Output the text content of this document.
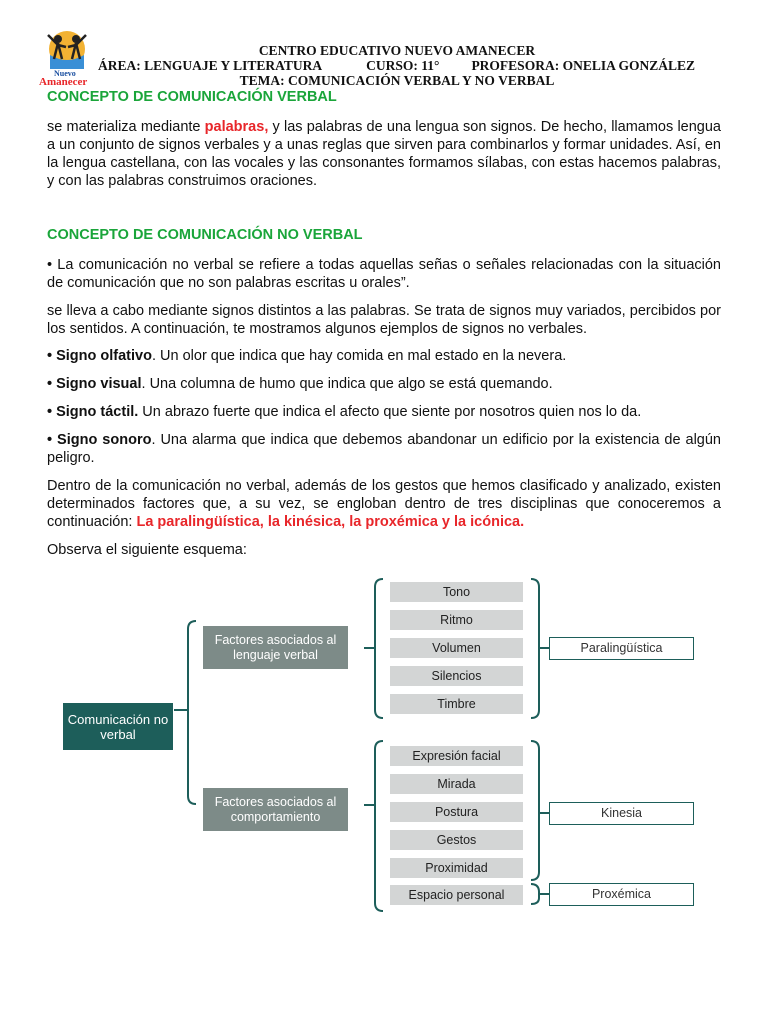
Nuevo
Amanecer
CENTRO EDUCATIVO NUEVO AMANECER
ÁREA: LENGUAJE Y LITERATURA	CURSO: 11° PROFESORA: ONELIA GONZÁLEZ
TEMA: COMUNICACIÓN VERBAL Y NO VERBAL
CONCEPTO DE COMUNICACIÓN VERBAL
se materializa mediante palabras, y las palabras de una lengua son signos. De hecho, llamamos lengua a un conjunto de signos verbales y a unas reglas que sirven para combinarlos y formar unidades. Así, en la lengua castellana, con las vocales y las consonantes formamos sílabas, con estas hacemos palabras, y con las palabras construimos oraciones.
CONCEPTO DE COMUNICACIÓN NO VERBAL
• La comunicación no verbal se refiere a todas aquellas señas o señales relacionadas con la situación de comunicación que no son palabras escritas u orales”.
se lleva a cabo mediante signos distintos a las palabras. Se trata de signos muy variados, percibidos por los sentidos. A continuación, te mostramos algunos ejemplos de signos no verbales.
• Signo olfativo. Un olor que indica que hay comida en mal estado en la nevera.
• Signo visual. Una columna de humo que indica que algo se está quemando.
• Signo táctil. Un abrazo fuerte que indica el afecto que siente por nosotros quien nos lo da.
• Signo sonoro. Una alarma que indica que debemos abandonar un edificio por la existencia de algún peligro.
Dentro de la comunicación no verbal, además de los gestos que hemos clasificado y analizado, existen determinados factores que, a su vez, se engloban dentro de tres disciplinas que conoceremos a continuación: La paralingüística, la kinésica, la proxémica y la icónica.
Observa el siguiente esquema:
Comunicación no verbal
Factores asociados al lenguaje verbal
Factores asociados al comportamiento
Tono
Ritmo
Volumen
Silencios
Timbre
Expresión facial
Mirada
Postura
Gestos
Proximidad
Espacio personal
Paralingüística
Kinesia
Proxémica
